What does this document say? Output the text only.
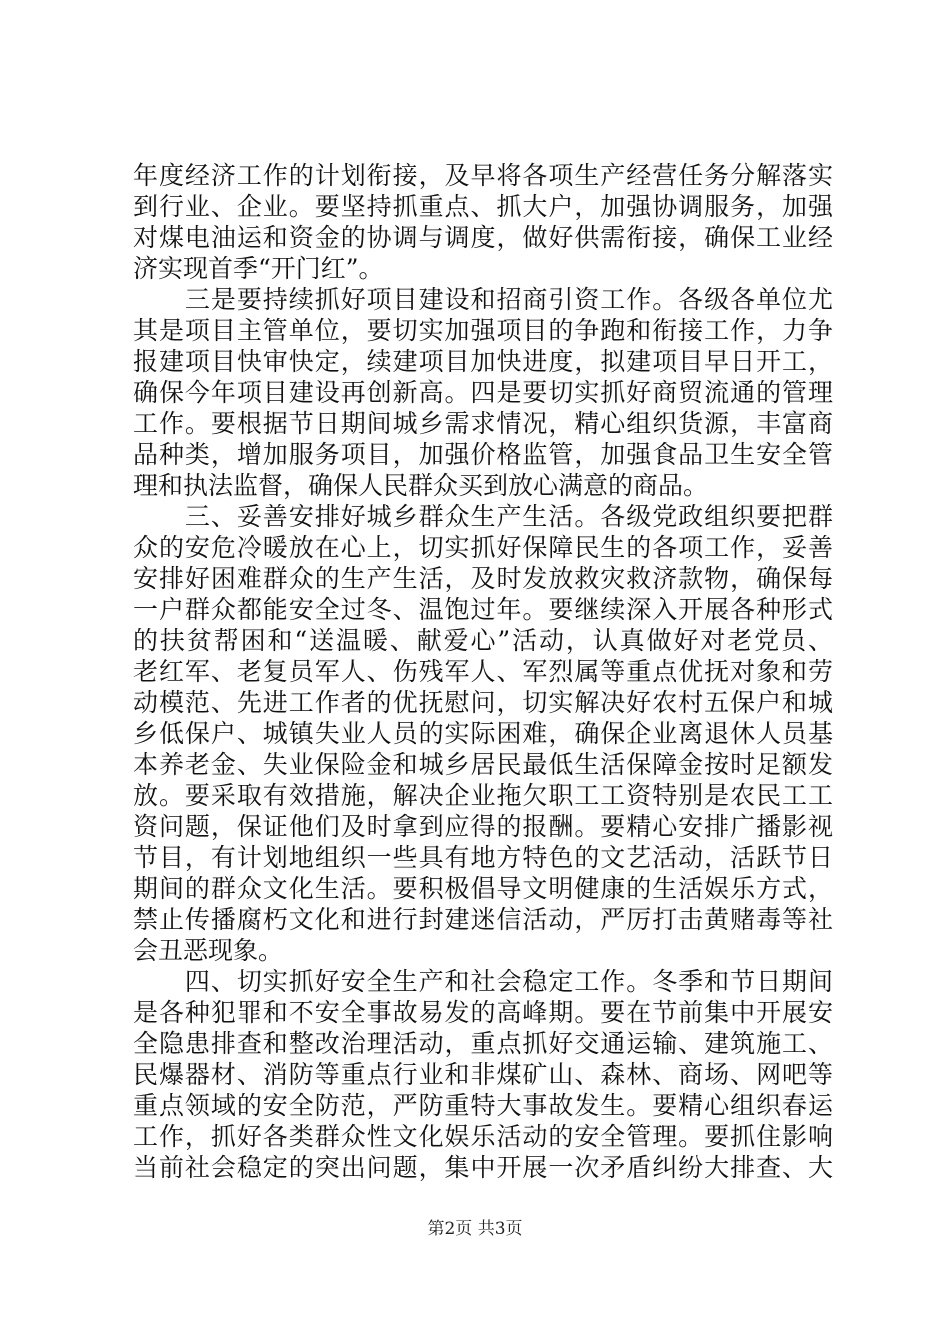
年度经济工作的计划衔接，及早将各项生产经营任务分解落实
到行业、企业。要坚持抓重点、抓大户，加强协调服务，加强
对煤电油运和资金的协调与调度，做好供需衔接，确保工业经
济实现首季“开门红”。
　　三是要持续抓好项目建设和招商引资工作。各级各单位尤
其是项目主管单位，要切实加强项目的争跑和衔接工作，力争
报建项目快审快定，续建项目加快进度，拟建项目早日开工，
确保今年项目建设再创新高。四是要切实抓好商贸流通的管理
工作。要根据节日期间城乡需求情况，精心组织货源，丰富商
品种类，增加服务项目，加强价格监管，加强食品卫生安全管
理和执法监督，确保人民群众买到放心满意的商品。
　　三、妥善安排好城乡群众生产生活。各级党政组织要把群
众的安危冷暖放在心上，切实抓好保障民生的各项工作，妥善
安排好困难群众的生产生活，及时发放救灾救济款物，确保每
一户群众都能安全过冬、温饱过年。要继续深入开展各种形式
的扶贫帮困和“送温暖、献爱心”活动，认真做好对老党员、
老红军、老复员军人、伤残军人、军烈属等重点优抚对象和劳
动模范、先进工作者的优抚慰问，切实解决好农村五保户和城
乡低保户、城镇失业人员的实际困难，确保企业离退休人员基
本养老金、失业保险金和城乡居民最低生活保障金按时足额发
放。要采取有效措施，解决企业拖欠职工工资特别是农民工工
资问题，保证他们及时拿到应得的报酬。要精心安排广播影视
节目，有计划地组织一些具有地方特色的文艺活动，活跃节日
期间的群众文化生活。要积极倡导文明健康的生活娱乐方式，
禁止传播腐朽文化和进行封建迷信活动，严厉打击黄赌毒等社
会丑恶现象。
　　四、切实抓好安全生产和社会稳定工作。冬季和节日期间
是各种犯罪和不安全事故易发的高峰期。要在节前集中开展安
全隐患排查和整改治理活动，重点抓好交通运输、建筑施工、
民爆器材、消防等重点行业和非煤矿山、森林、商场、网吧等
重点领域的安全防范，严防重特大事故发生。要精心组织春运
工作，抓好各类群众性文化娱乐活动的安全管理。要抓住影响
当前社会稳定的突出问题，集中开展一次矛盾纠纷大排查、大
第2页 共3页
